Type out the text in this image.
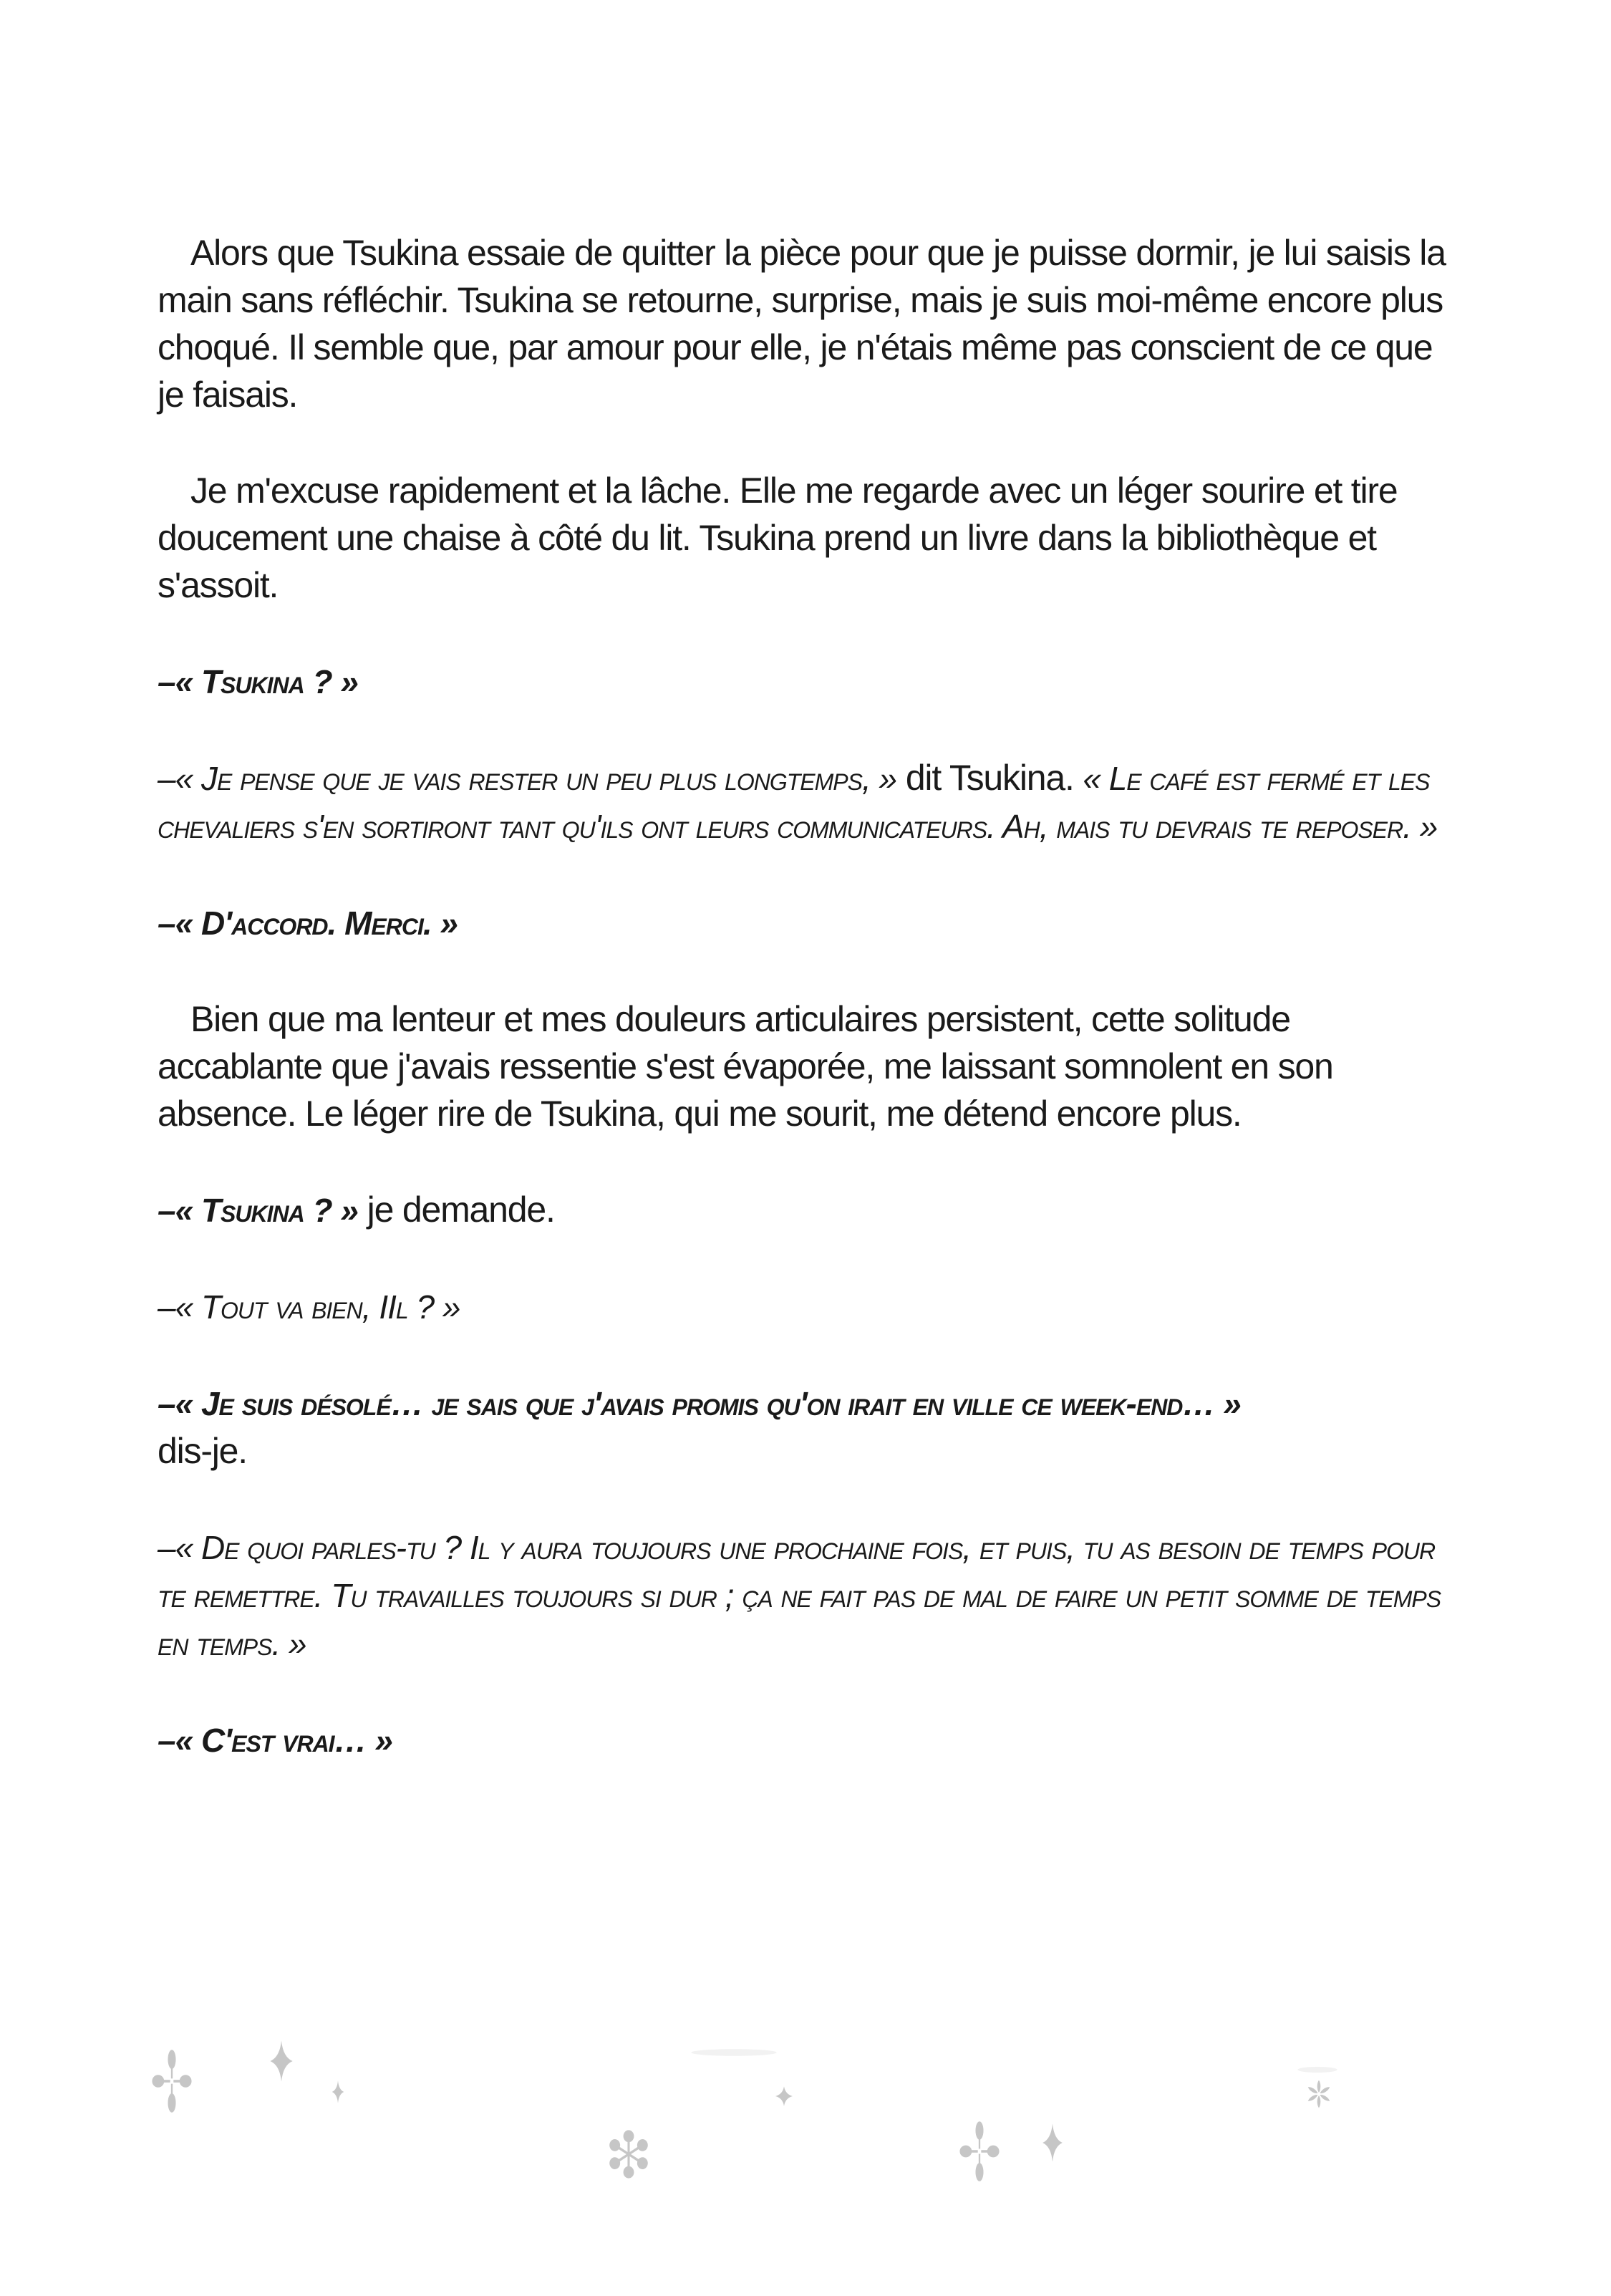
Alors que Tsukina essaie de quitter la pièce pour que je puisse dormir, je lui saisis la main sans réfléchir. Tsukina se retourne, surprise, mais je suis moi-même encore plus choqué. Il semble que, par amour pour elle, je n'étais même pas conscient de ce que je faisais.

Je m'excuse rapidement et la lâche. Elle me regarde avec un léger sourire et tire doucement une chaise à côté du lit. Tsukina prend un livre dans la bibliothèque et s'assoit.

–« Tsukina ? »

–« Je pense que je vais rester un peu plus longtemps, » dit Tsukina. « Le café est fermé et les chevaliers s'en sortiront tant qu'ils ont leurs communicateurs. Ah, mais tu devrais te reposer. »

–« D'accord. Merci. »

Bien que ma lenteur et mes douleurs articulaires persistent, cette solitude accablante que j'avais ressentie s'est évaporée, me laissant somnolent en son absence. Le léger rire de Tsukina, qui me sourit, me détend encore plus.

–« Tsukina ? » je demande.

–« Tout va bien, IIl ? »

–« Je suis désolé… je sais que j'avais promis qu'on irait en ville ce week-end… »
dis-je.

–« De quoi parles-tu ? Il y aura toujours une prochaine fois, et puis, tu as besoin de temps pour te remettre. Tu travailles toujours si dur ; ça ne fait pas de mal de faire un petit somme de temps en temps. »

–« C'est vrai… »
